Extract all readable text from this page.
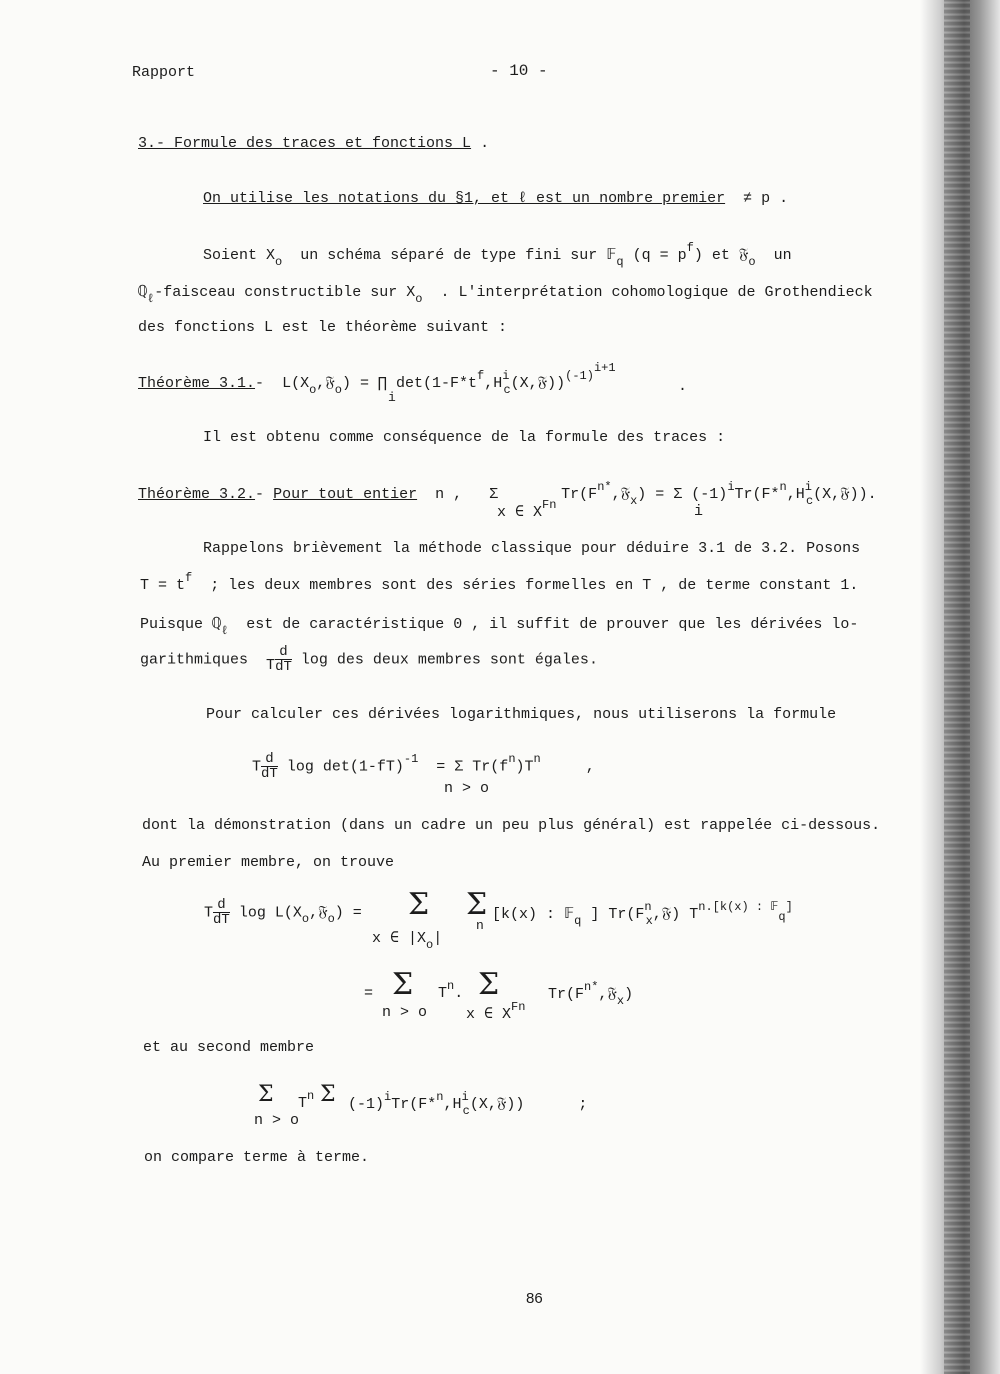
Rapport	- 10 -
3.- Formule des traces et fonctions L .
On utilise les notations du §1, et ℓ est un nombre premier ≠ p .
Soient $X_o$ un schéma séparé de type fini sur 𝔽$_q$ $(q = p^f)$ et 𝔉$_o$ un
ℚ$_\ell$-faisceau constructible sur $X_o$ . L'interprétation cohomologique de Grothendieck
des fonctions L est le théorème suivant :
Théorème 3.1.- $L(X_o,𝔉_o)$ = ∏ $\det(1-F*t^f,H^i_c(X,𝔉))^{(-1)i+1}$
i
.
Il est obtenu comme conséquence de la formule des traces :
Théorème 3.2.- Pour tout entier n , Σ	$Tr(F^{n*},𝔉_x) = \Sigma$ $(-1)^iTr(F*^n,H^i_c(X,𝔉))$.
x ∈ $X^{Fn}$	i
Rappelons brièvement la méthode classique pour déduire 3.1 de 3.2. Posons
$T = t^f$ ; les deux membres sont des séries formelles en T , de terme constant 1.
Puisque ℚ$_\ell$ est de caractéristique 0 , il suffit de prouver que les dérivées lo-
garithmiques T $\frac{d}{dT}$ log des deux membres sont égales.
Pour calculer ces dérivées logarithmiques, nous utiliserons la formule
T $\frac{d}{dT}$ $\log \det(1-fT)^{-1} = \Sigma$ $Tr(f^n)T^n$	,
n > o
dont la démonstration (dans un cadre un peu plus général) est rappelée ci-dessous.
Au premier membre, on trouve
T $\frac{d}{dT}$ $\log L(X_o,𝔉_o) = \Sigma$ Σ [k(x) : 𝔽$_q$ ] $Tr(F^n_x,𝔉)$ $T^{n.[k(x) : 𝔽}q^]$
x ∈ $|X_o|$
n
= Σ $T^n$. Σ	$Tr(F^{n*},𝔉_x)$
n > o	x ∈ $X^{Fn}$
et au second membre
Σ $T^n$ Σ $(-1)^iTr(F*^n,H^i_c(X,𝔉))$	;
n > o
on compare terme à terme.
86
